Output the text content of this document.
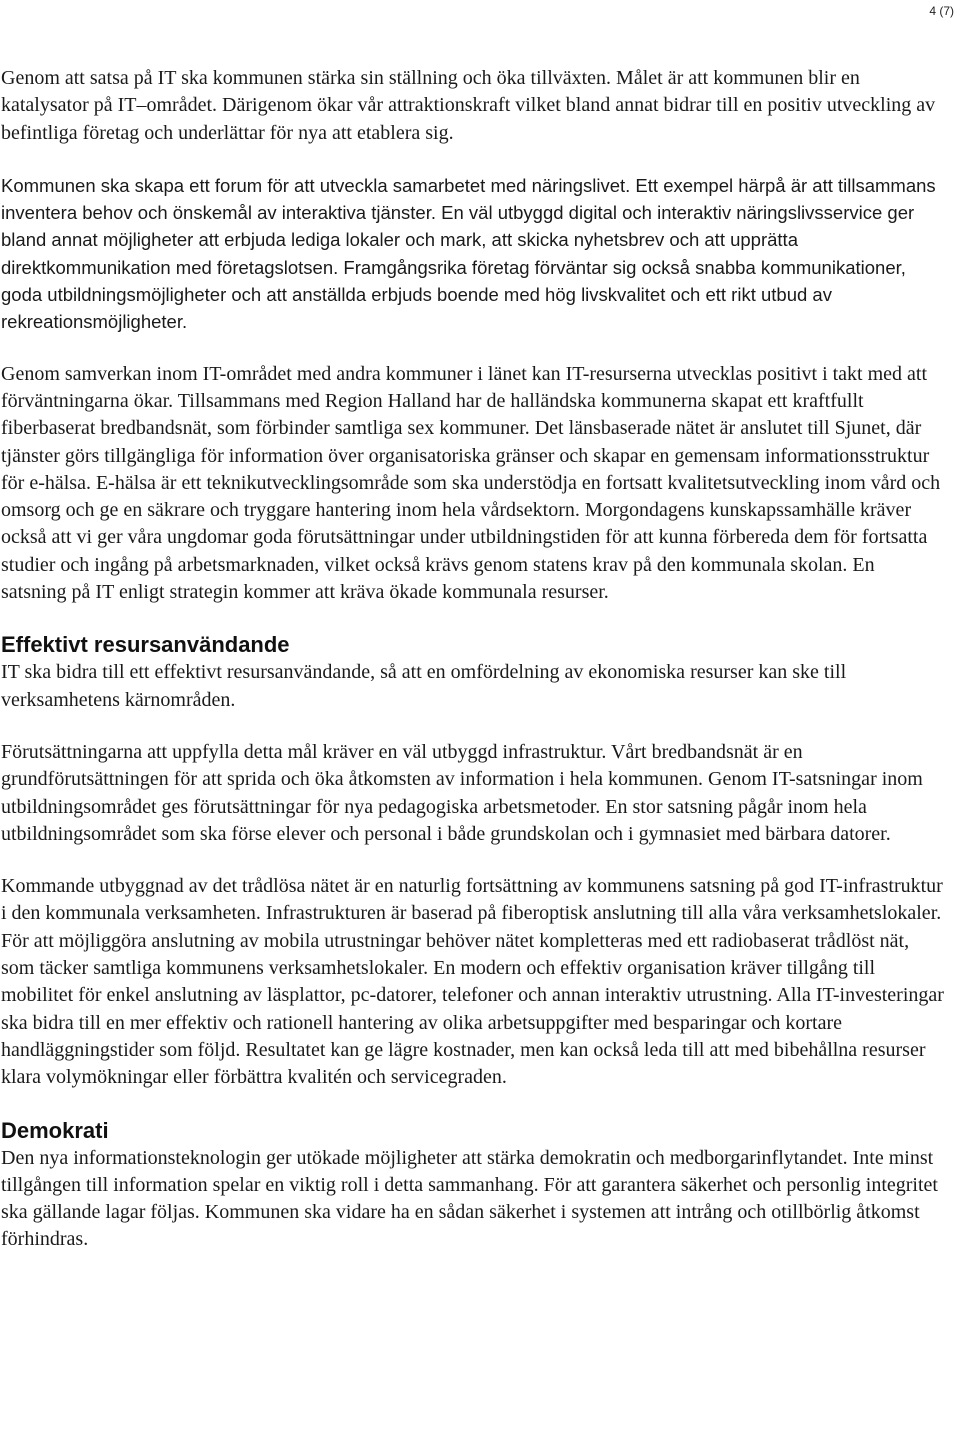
4 (7)

Genom att satsa på IT ska kommunen stärka sin ställning och öka tillväxten. Målet är att kommunen blir en katalysator på IT–området. Därigenom ökar vår attraktionskraft vilket bland annat bidrar till en positiv utveckling av befintliga företag och underlättar för nya att etablera sig.

Kommunen ska skapa ett forum för att utveckla samarbetet med näringslivet. Ett exempel härpå är att tillsammans inventera behov och önskemål av interaktiva tjänster. En väl utbyggd digital och interaktiv näringslivsservice ger bland annat möjligheter att erbjuda lediga lokaler och mark, att skicka nyhetsbrev och att upprätta direktkommunikation med företagslotsen. Framgångsrika företag förväntar sig också snabba kommunikationer, goda utbildningsmöjligheter och att anställda erbjuds boende med hög livskvalitet och ett rikt utbud av rekreationsmöjligheter.

Genom samverkan inom IT-området med andra kommuner i länet kan IT-resurserna utvecklas positivt i takt med att förväntningarna ökar. Tillsammans med Region Halland har de halländska kommunerna skapat ett kraftfullt fiberbaserat bredbandsnät, som förbinder samtliga sex kommuner. Det länsbaserade nätet är anslutet till Sjunet, där tjänster görs tillgängliga för information över organisatoriska gränser och skapar en gemensam informationsstruktur för e-hälsa. E-hälsa är ett teknikutvecklingsområde som ska understödja en fortsatt kvalitetsutveckling inom vård och omsorg och ge en säkrare och tryggare hantering inom hela vårdsektorn. Morgondagens kunskapssamhälle kräver också att vi ger våra ungdomar goda förutsättningar under utbildningstiden för att kunna förbereda dem för fortsatta studier och ingång på arbetsmarknaden, vilket också krävs genom statens krav på den kommunala skolan. En satsning på IT enligt strategin kommer att kräva ökade kommunala resurser.

Effektivt resursanvändande

IT ska bidra till ett effektivt resursanvändande, så att en omfördelning av ekonomiska resurser kan ske till verksamhetens kärnområden.

Förutsättningarna att uppfylla detta mål kräver en väl utbyggd infrastruktur. Vårt bredbandsnät är en grundförutsättningen för att sprida och öka åtkomsten av information i hela kommunen. Genom IT-satsningar inom utbildningsområdet ges förutsättningar för nya pedagogiska arbetsmetoder. En stor satsning pågår inom hela utbildningsområdet som ska förse elever och personal i både grundskolan och i gymnasiet med bärbara datorer.

Kommande utbyggnad av det trådlösa nätet är en naturlig fortsättning av kommunens satsning på god IT-infrastruktur i den kommunala verksamheten. Infrastrukturen är baserad på fiberoptisk anslutning till alla våra verksamhetslokaler. För att möjliggöra anslutning av mobila utrustningar behöver nätet kompletteras med ett radiobaserat trådlöst nät, som täcker samtliga kommunens verksamhetslokaler. En modern och effektiv organisation kräver tillgång till mobilitet för enkel anslutning av läsplattor, pc-datorer, telefoner och annan interaktiv utrustning. Alla IT-investeringar ska bidra till en mer effektiv och rationell hantering av olika arbetsuppgifter med besparingar och kortare handläggningstider som följd. Resultatet kan ge lägre kostnader, men kan också leda till att med bibehållna resurser klara volymökningar eller förbättra kvalitén och servicegraden.

Demokrati

Den nya informationsteknologin ger utökade möjligheter att stärka demokratin och medborgarinflytandet. Inte minst tillgången till information spelar en viktig roll i detta sammanhang. För att garantera säkerhet och personlig integritet ska gällande lagar följas. Kommunen ska vidare ha en sådan säkerhet i systemen att intrång och otillbörlig åtkomst förhindras.
